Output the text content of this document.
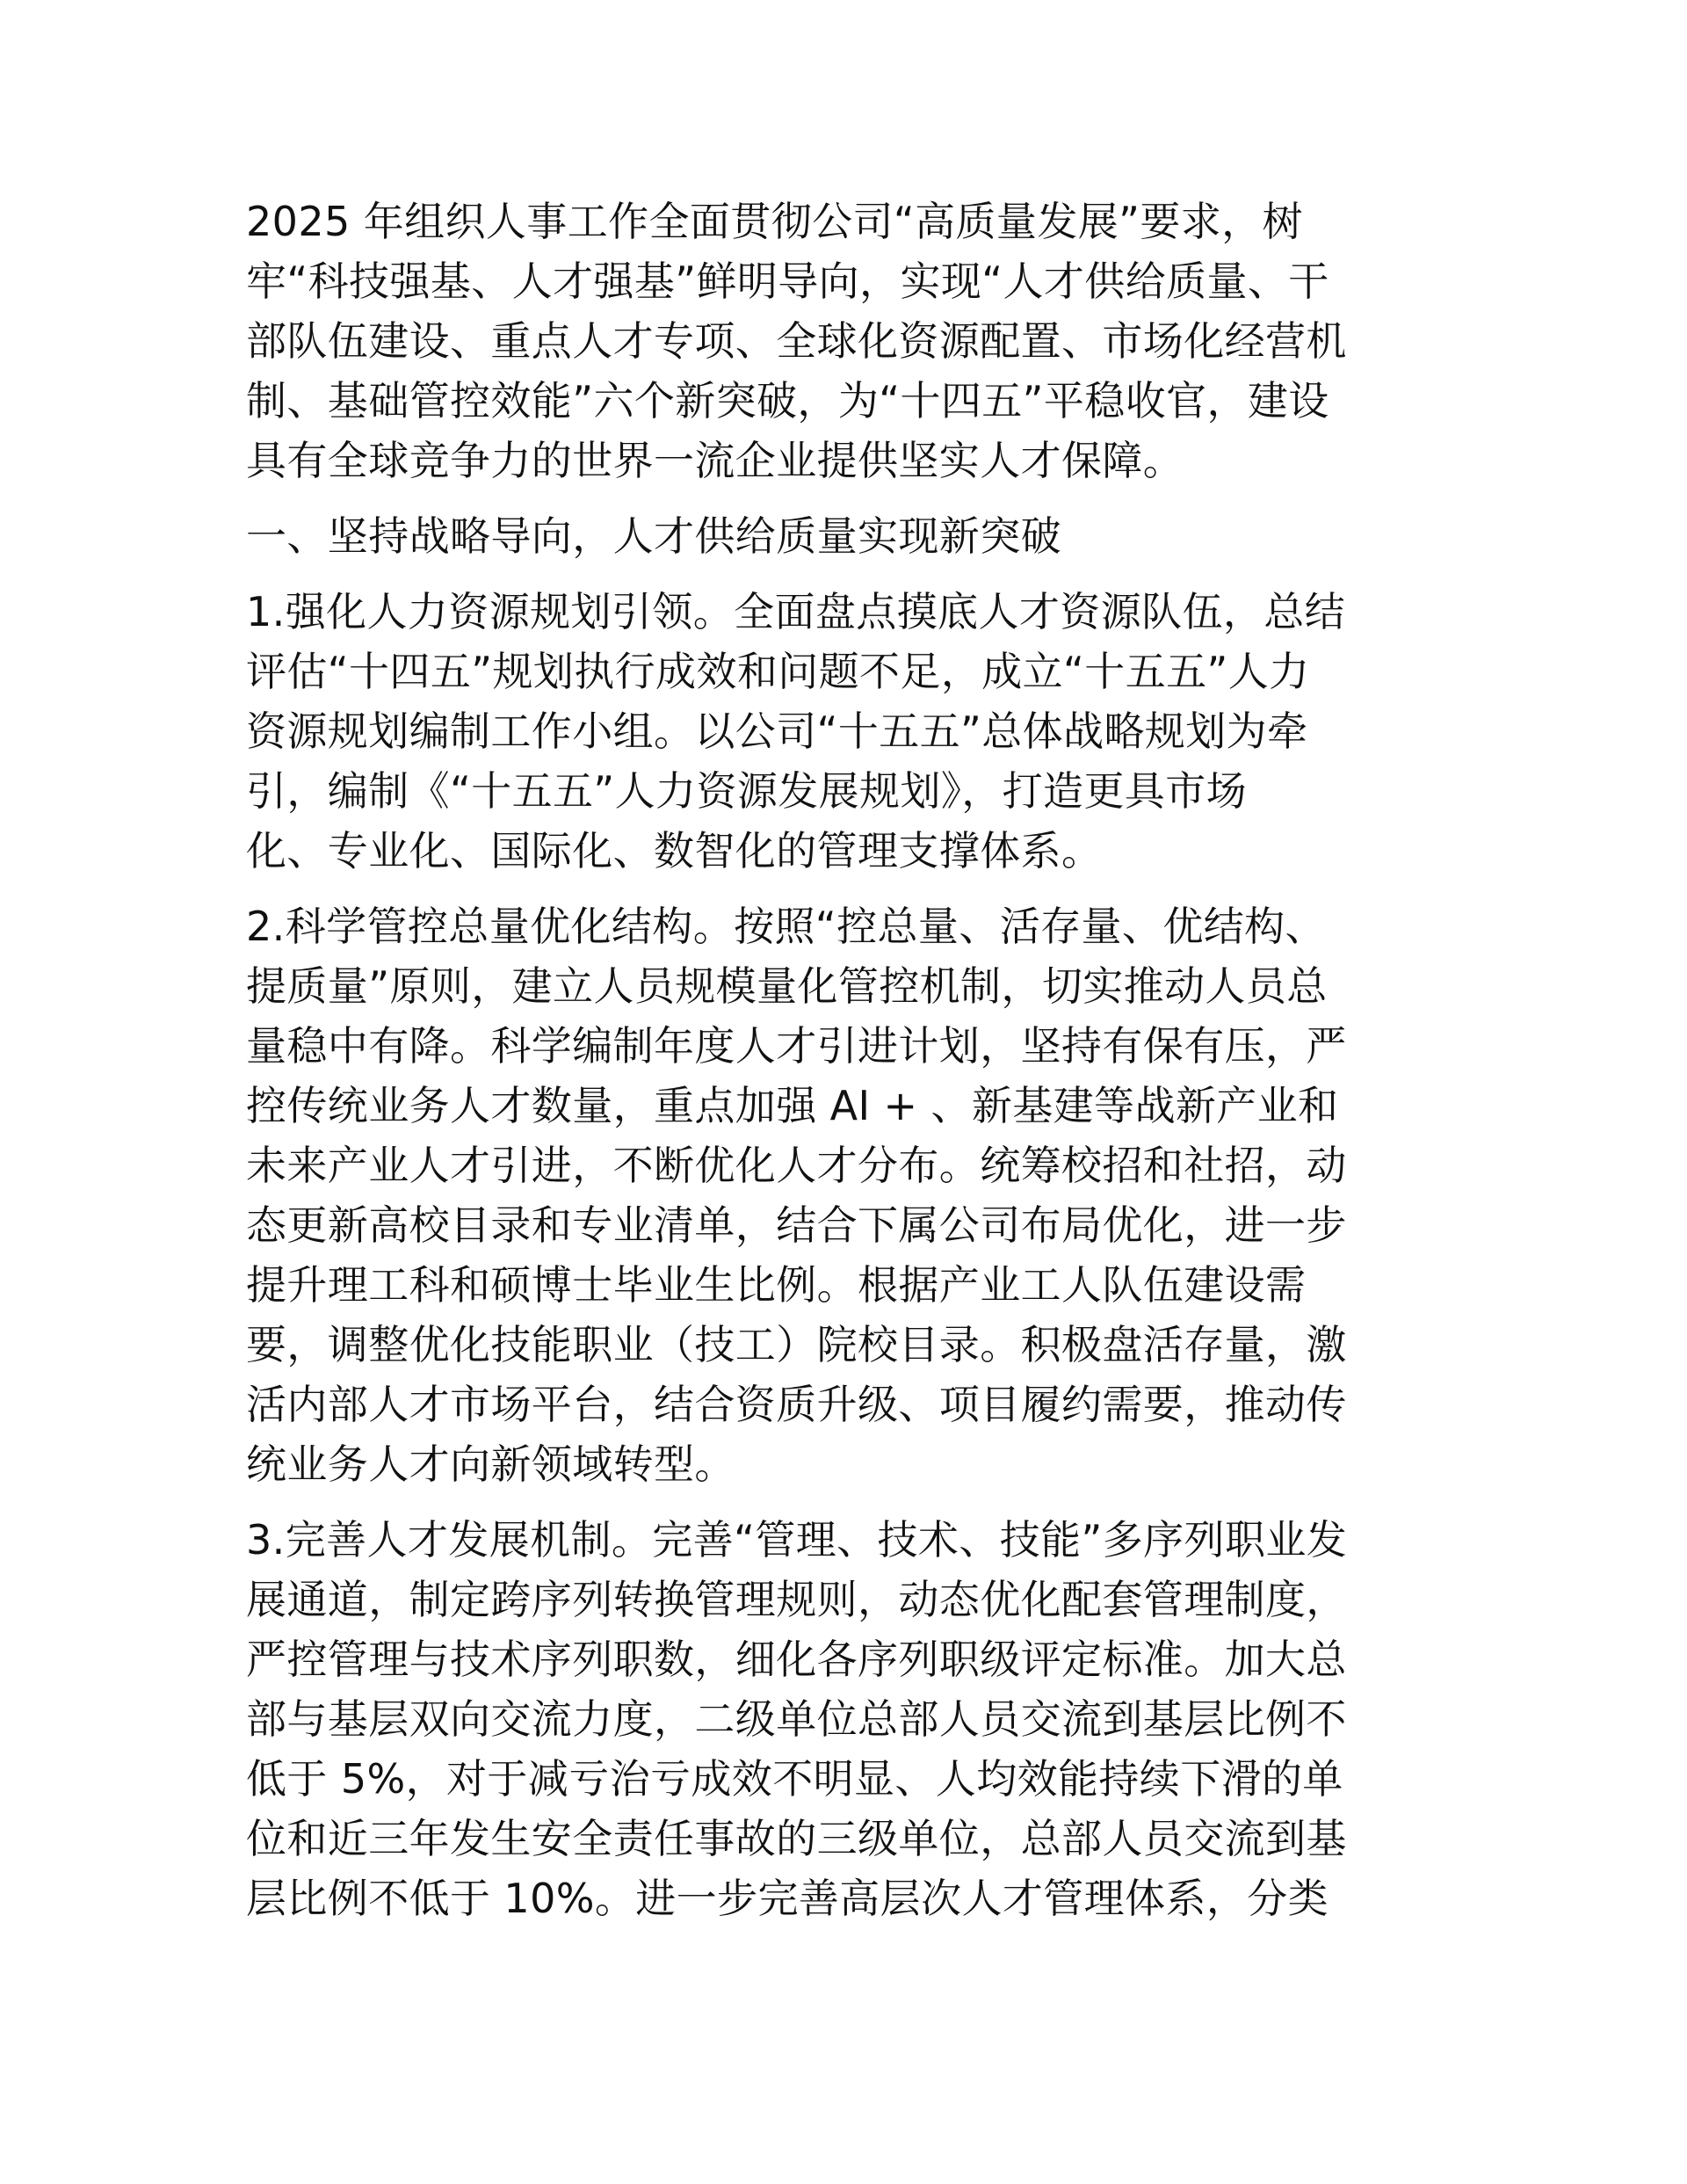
2025 年组织人事工作全面贯彻公司“高质量发展”要求，树
牢“科技强基、人才强基”鲜明导向，实现“人才供给质量、干
部队伍建设、重点人才专项、全球化资源配置、市场化经营机
制、基础管控效能”六个新突破，为“十四五”平稳收官，建设
具有全球竞争力的世界一流企业提供坚实人才保障。
一、坚持战略导向，人才供给质量实现新突破
1.强化人力资源规划引领。全面盘点摸底人才资源队伍，总结
评估“十四五”规划执行成效和问题不足，成立“十五五”人力
资源规划编制工作小组。以公司“十五五”总体战略规划为牵
引，编制《“十五五”人力资源发展规划》，打造更具市场
化、专业化、国际化、数智化的管理支撑体系。
2.科学管控总量优化结构。按照“控总量、活存量、优结构、
提质量”原则，建立人员规模量化管控机制，切实推动人员总
量稳中有降。科学编制年度人才引进计划，坚持有保有压，严
控传统业务人才数量，重点加强 AI + 、新基建等战新产业和
未来产业人才引进，不断优化人才分布。统筹校招和社招，动
态更新高校目录和专业清单，结合下属公司布局优化，进一步
提升理工科和硕博士毕业生比例。根据产业工人队伍建设需
要，调整优化技能职业（技工）院校目录。积极盘活存量，激
活内部人才市场平台，结合资质升级、项目履约需要，推动传
统业务人才向新领域转型。
3.完善人才发展机制。完善“管理、技术、技能”多序列职业发
展通道，制定跨序列转换管理规则，动态优化配套管理制度，
严控管理与技术序列职数，细化各序列职级评定标准。加大总
部与基层双向交流力度，二级单位总部人员交流到基层比例不
低于 5%，对于减亏治亏成效不明显、人均效能持续下滑的单
位和近三年发生安全责任事故的三级单位，总部人员交流到基
层比例不低于 10%。进一步完善高层次人才管理体系，分类
